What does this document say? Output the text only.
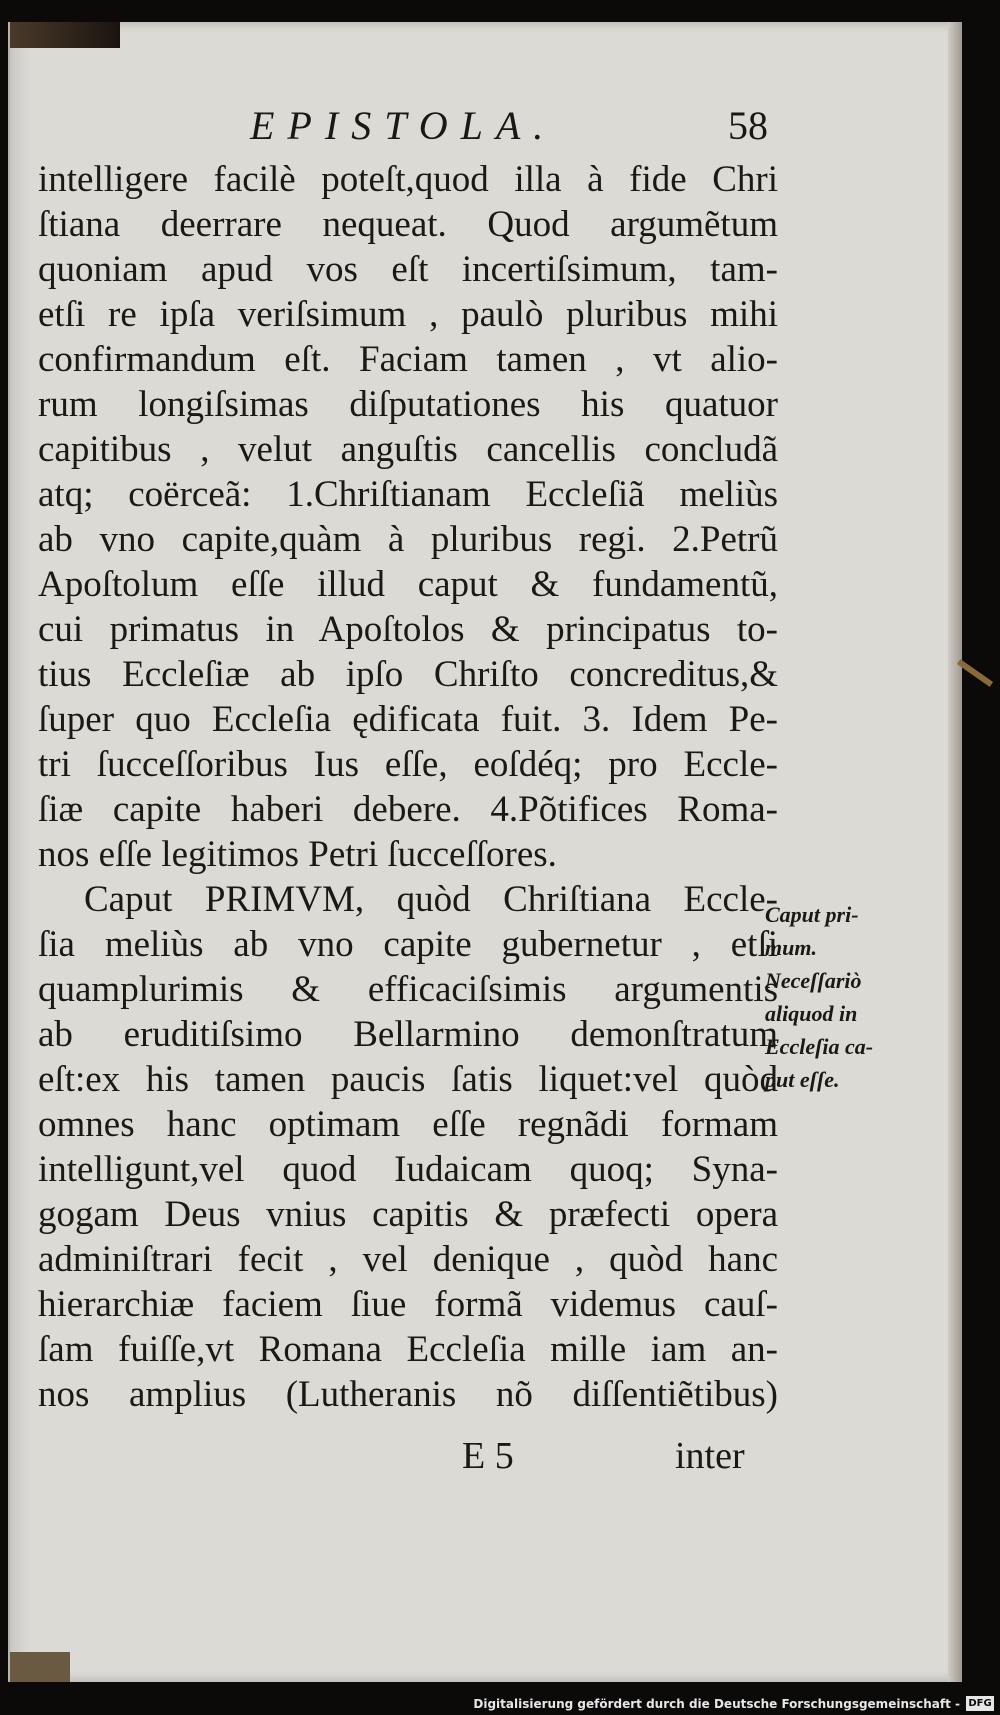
EPISTOLA.	58
intelligere facilè poteſt,quod illa à fide Chri
ſtiana deerrare nequeat. Quod argumẽtum
quoniam apud vos eſt incertiſsimum, tam-
etſi re ipſa veriſsimum , paulò pluribus mihi
confirmandum eſt. Faciam tamen , vt alio-
rum longiſsimas diſputationes his quatuor
capitibus , velut anguſtis cancellis concludã
atq; coërceã: 1.Chriſtianam Eccleſiã meliùs
ab vno capite,quàm à pluribus regi. 2.Petrũ
Apoſtolum eſſe illud caput & fundamentũ,
cui primatus in Apoſtolos & principatus to-
tius Eccleſiæ ab ipſo Chriſto concreditus,&
ſuper quo Eccleſia ędificata fuit. 3. Idem Pe-
tri ſucceſſoribus Ius eſſe, eoſdéq; pro Eccle-
ſiæ capite haberi debere. 4.Põtifices Roma-
nos eſſe legitimos Petri ſucceſſores.
Caput PRIMVM, quòd Chriſtiana Eccle-
ſia meliùs ab vno capite gubernetur , etſi
quamplurimis & efficaciſsimis argumentis
ab eruditiſsimo Bellarmino demonſtratum
eſt:ex his tamen paucis ſatis liquet:vel quòd
omnes hanc optimam eſſe regnãdi formam
intelligunt,vel quod Iudaicam quoq; Syna-
gogam Deus vnius capitis & præfecti opera
adminiſtrari fecit , vel denique , quòd hanc
hierarchiæ faciem ſiue formã videmus cauſ-
ſam fuiſſe,vt Romana Eccleſia mille iam an-
nos amplius (Lutheranis nõ diſſentiẽtibus)
Caput pri-
mum.
Neceſſariò
aliquod in
Eccleſia ca-
put eſſe.
E 5	inter
Digitalisierung gefördert durch die Deutsche Forschungsgemeinschaft - DFG
